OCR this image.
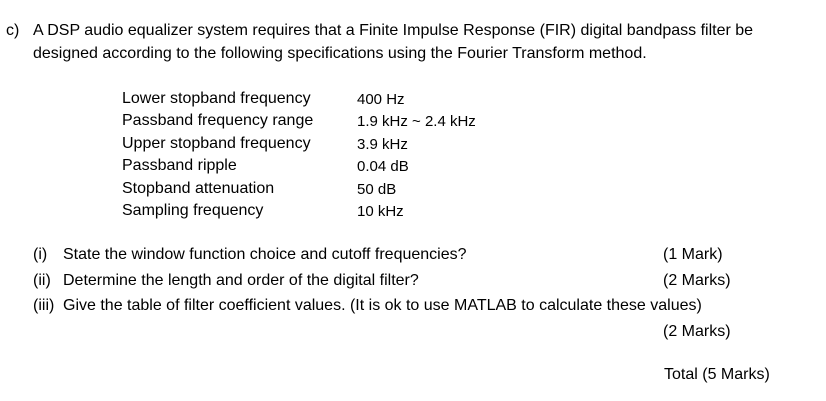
c) A DSP audio equalizer system requires that a Finite Impulse Response (FIR) digital bandpass filter be
designed according to the following specifications using the Fourier Transform method.
Lower stopband frequency	400 Hz
Passband frequency range	1.9 kHz ~ 2.4 kHz
Upper stopband frequency	3.9 kHz
Passband ripple	0.04 dB
Stopband attenuation	50 dB
Sampling frequency	10 kHz
(i) State the window function choice and cutoff frequencies?	(1 Mark)
(ii) Determine the length and order of the digital filter?	(2 Marks)
(iii) Give the table of filter coefficient values. (It is ok to use MATLAB to calculate these values)
(2 Marks)
Total (5 Marks)
